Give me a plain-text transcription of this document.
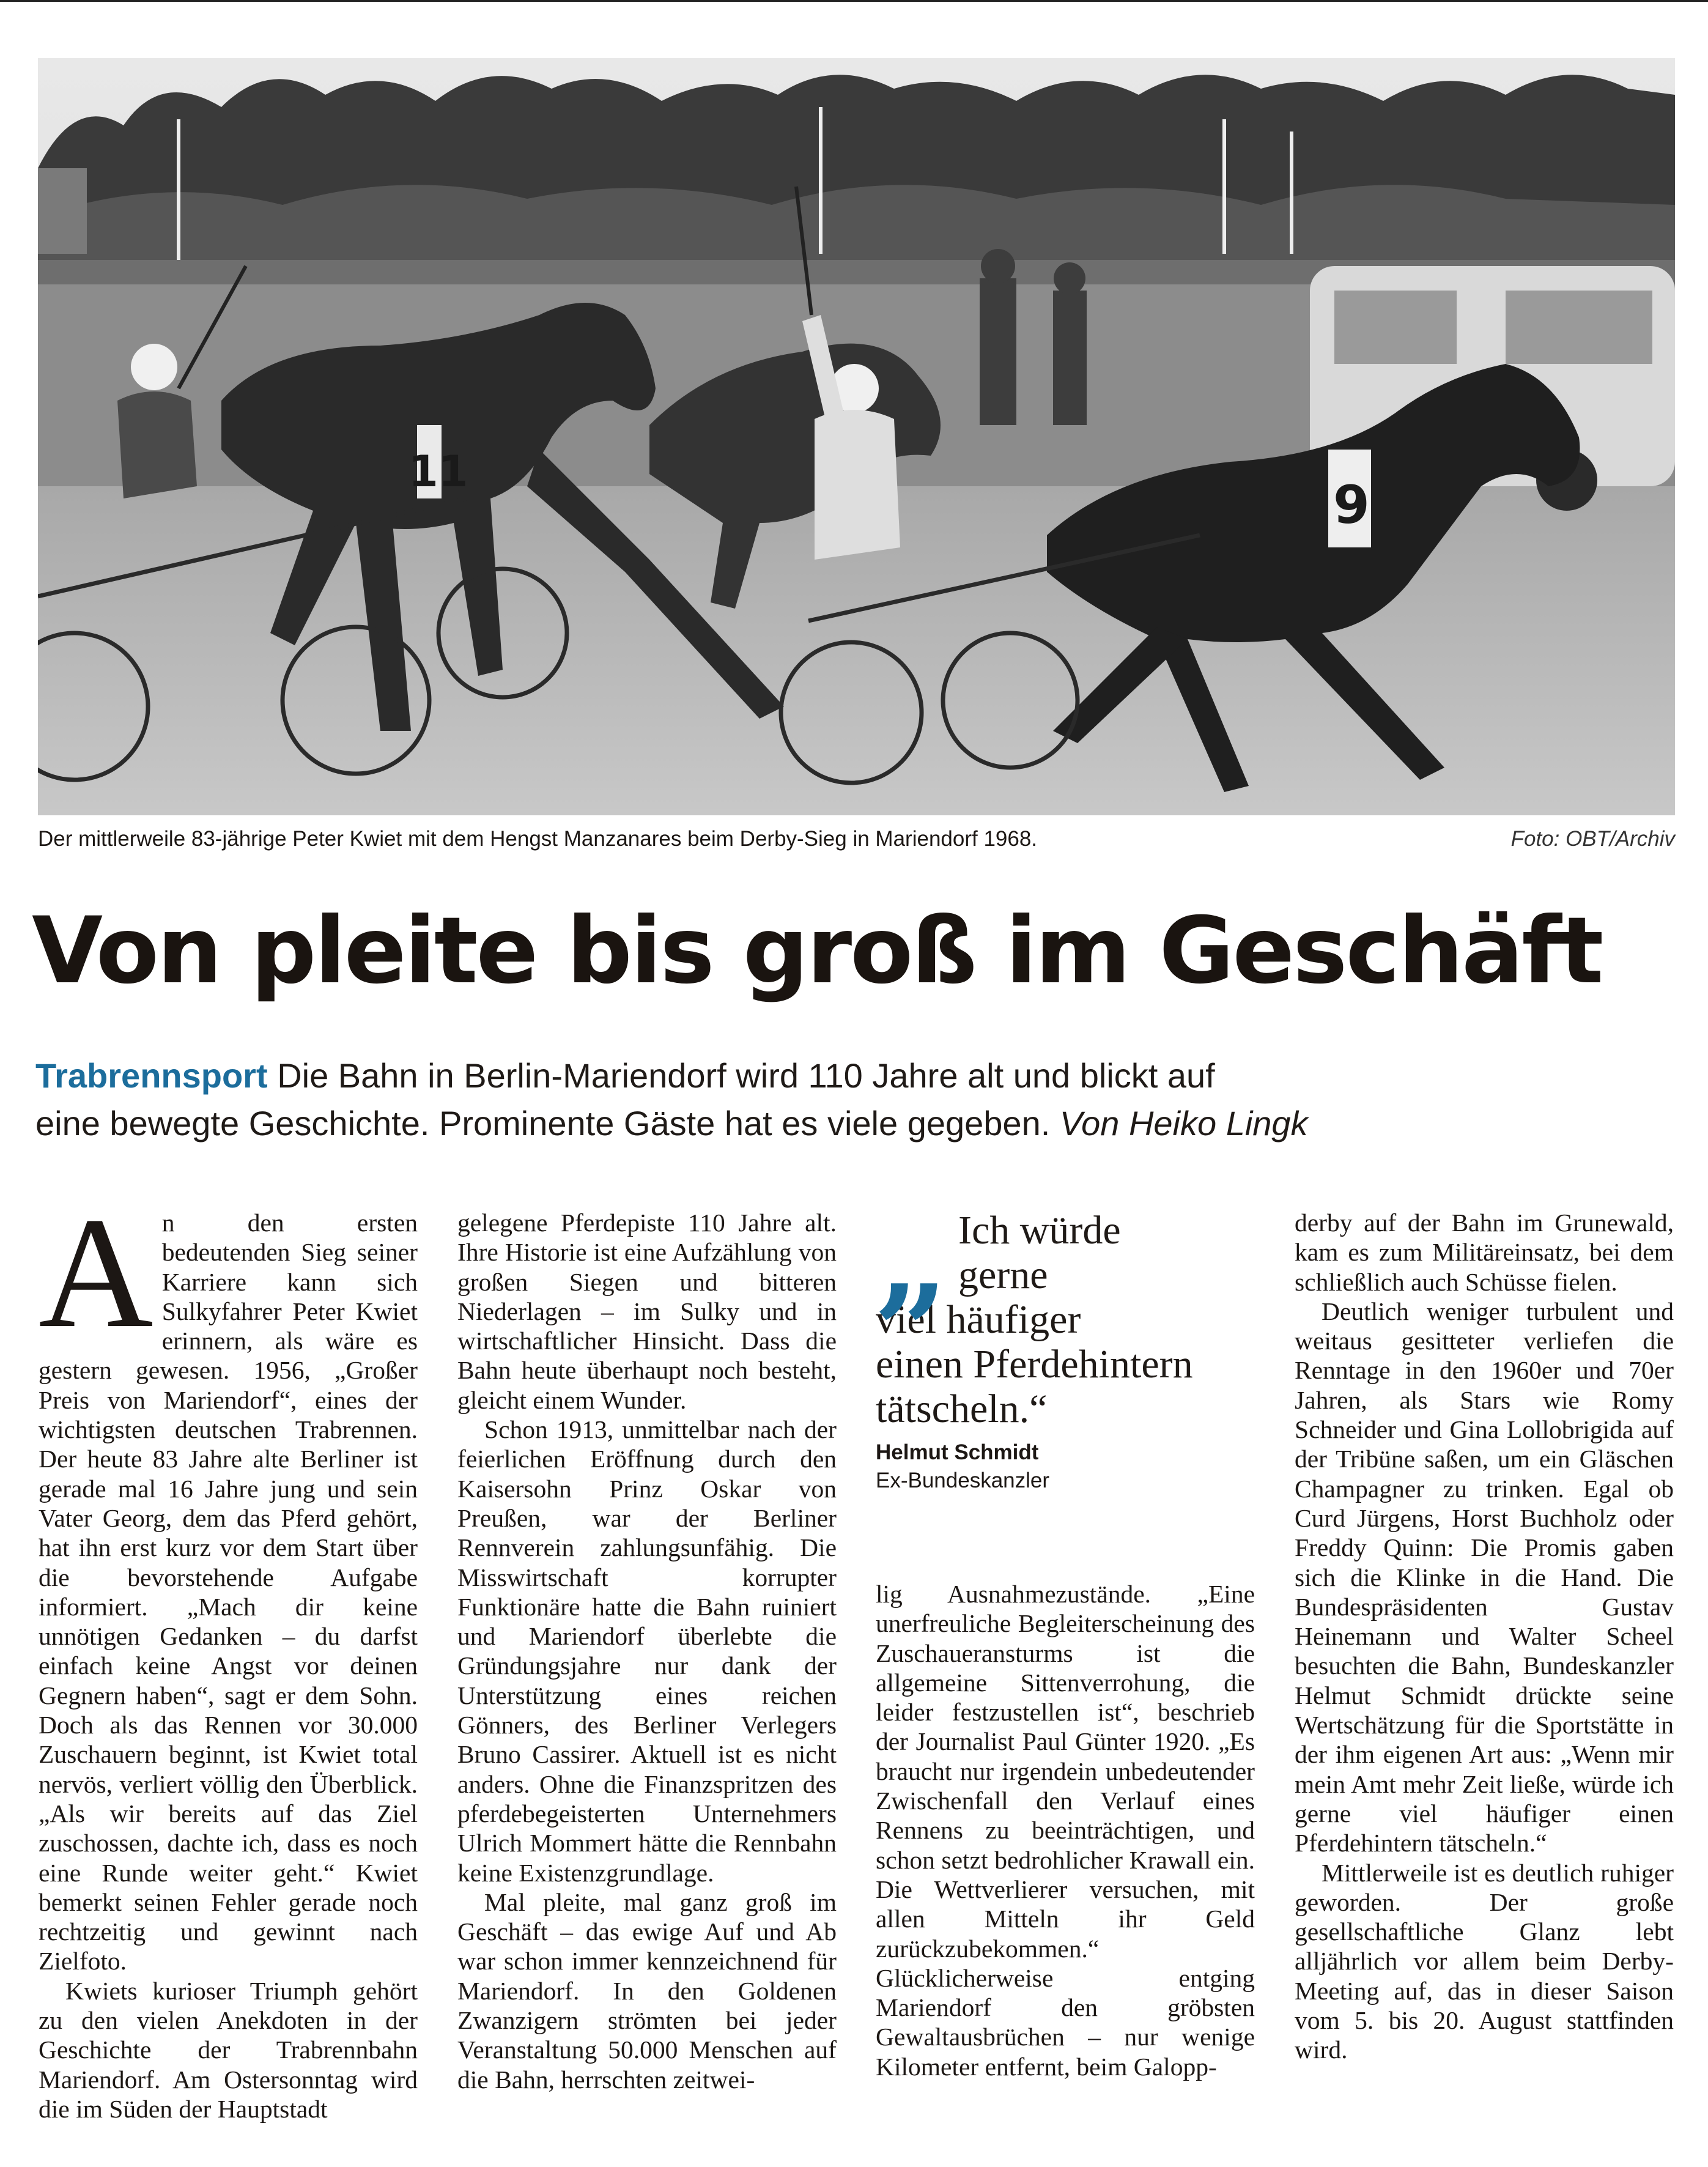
11
9
Der mittlerweile 83-jährige Peter Kwiet mit dem Hengst Manzanares beim Derby-Sieg in Mariendorf 1968.	Foto: OBT/Archiv
Von pleite bis groß im Geschäft
Trabrennsport Die Bahn in Berlin-Mariendorf wird 110 Jahre alt und blickt auf
eine bewegte Geschichte. Prominente Gäste hat es viele gegeben. Von Heiko Lingk

An den ersten bedeutenden Sieg seiner Karriere kann sich Sulkyfahrer Peter Kwiet erinnern, als wäre es gestern gewesen. 1956, „Großer Preis von Mariendorf“, eines der wichtigsten deutschen Trabrennen. Der heute 83 Jahre alte Berliner ist gerade mal 16 Jahre jung und sein Vater Georg, dem das Pferd gehört, hat ihn erst kurz vor dem Start über die bevorstehende Aufgabe informiert. „Mach dir keine unnötigen Gedanken – du darfst einfach keine Angst vor deinen Gegnern haben“, sagt er dem Sohn. Doch als das Rennen vor 30.000 Zuschauern beginnt, ist Kwiet total nervös, verliert völlig den Überblick. „Als wir bereits auf das Ziel zuschossen, dachte ich, dass es noch eine Runde weiter geht.“ Kwiet bemerkt seinen Fehler gerade noch rechtzeitig und gewinnt nach Zielfoto.

Kwiets kurioser Triumph gehört zu den vielen Anekdoten in der Geschichte der Trabrennbahn Mariendorf. Am Ostersonntag wird die im Süden der Hauptstadt

gelegene Pferdepiste 110 Jahre alt. Ihre Historie ist eine Aufzählung von großen Siegen und bitteren Niederlagen – im Sulky und in wirtschaftlicher Hinsicht. Dass die Bahn heute überhaupt noch besteht, gleicht einem Wunder.

Schon 1913, unmittelbar nach der feierlichen Eröffnung durch den Kaisersohn Prinz Oskar von Preußen, war der Berliner Rennverein zahlungsunfähig. Die Misswirtschaft korrupter Funktionäre hatte die Bahn ruiniert und Mariendorf überlebte die Gründungsjahre nur dank der Unterstützung eines reichen Gönners, des Berliner Verlegers Bruno Cassirer. Aktuell ist es nicht anders. Ohne die Finanzspritzen des pferdebegeisterten Unternehmers Ulrich Mommert hätte die Rennbahn keine Existenzgrundlage.

Mal pleite, mal ganz groß im Geschäft – das ewige Auf und Ab war schon immer kennzeichnend für Mariendorf. In den Goldenen Zwanzigern strömten bei jeder Veranstaltung 50.000 Menschen auf die Bahn, herrschten zeitwei-

„ Ich würde
gerne
viel häufiger
einen Pferdehintern
tätscheln.“

Helmut Schmidt
Ex-Bundeskanzler

lig Ausnahmezustände. „Eine unerfreuliche Begleiterscheinung des Zuschaueransturms ist die allgemeine Sittenverrohung, die leider festzustellen ist“, beschrieb der Journalist Paul Günter 1920. „Es braucht nur irgendein unbedeutender Zwischenfall den Verlauf eines Rennens zu beeinträchtigen, und schon setzt bedrohlicher Krawall ein. Die Wettverlierer versuchen, mit allen Mitteln ihr Geld zurückzubekommen.“ Glücklicherweise entging Mariendorf den gröbsten Gewaltausbrüchen – nur wenige Kilometer entfernt, beim Galopp-

derby auf der Bahn im Grunewald, kam es zum Militäreinsatz, bei dem schließlich auch Schüsse fielen.

Deutlich weniger turbulent und weitaus gesitteter verliefen die Renntage in den 1960er und 70er Jahren, als Stars wie Romy Schneider und Gina Lollobrigida auf der Tribüne saßen, um ein Gläschen Champagner zu trinken. Egal ob Curd Jürgens, Horst Buchholz oder Freddy Quinn: Die Promis gaben sich die Klinke in die Hand. Die Bundespräsidenten Gustav Heinemann und Walter Scheel besuchten die Bahn, Bundeskanzler Helmut Schmidt drückte seine Wertschätzung für die Sportstätte in der ihm eigenen Art aus: „Wenn mir mein Amt mehr Zeit ließe, würde ich gerne viel häufiger einen Pferdehintern tätscheln.“

Mittlerweile ist es deutlich ruhiger geworden. Der große gesellschaftliche Glanz lebt alljährlich vor allem beim Derby-Meeting auf, das in dieser Saison vom 5. bis 20. August stattfinden wird.
